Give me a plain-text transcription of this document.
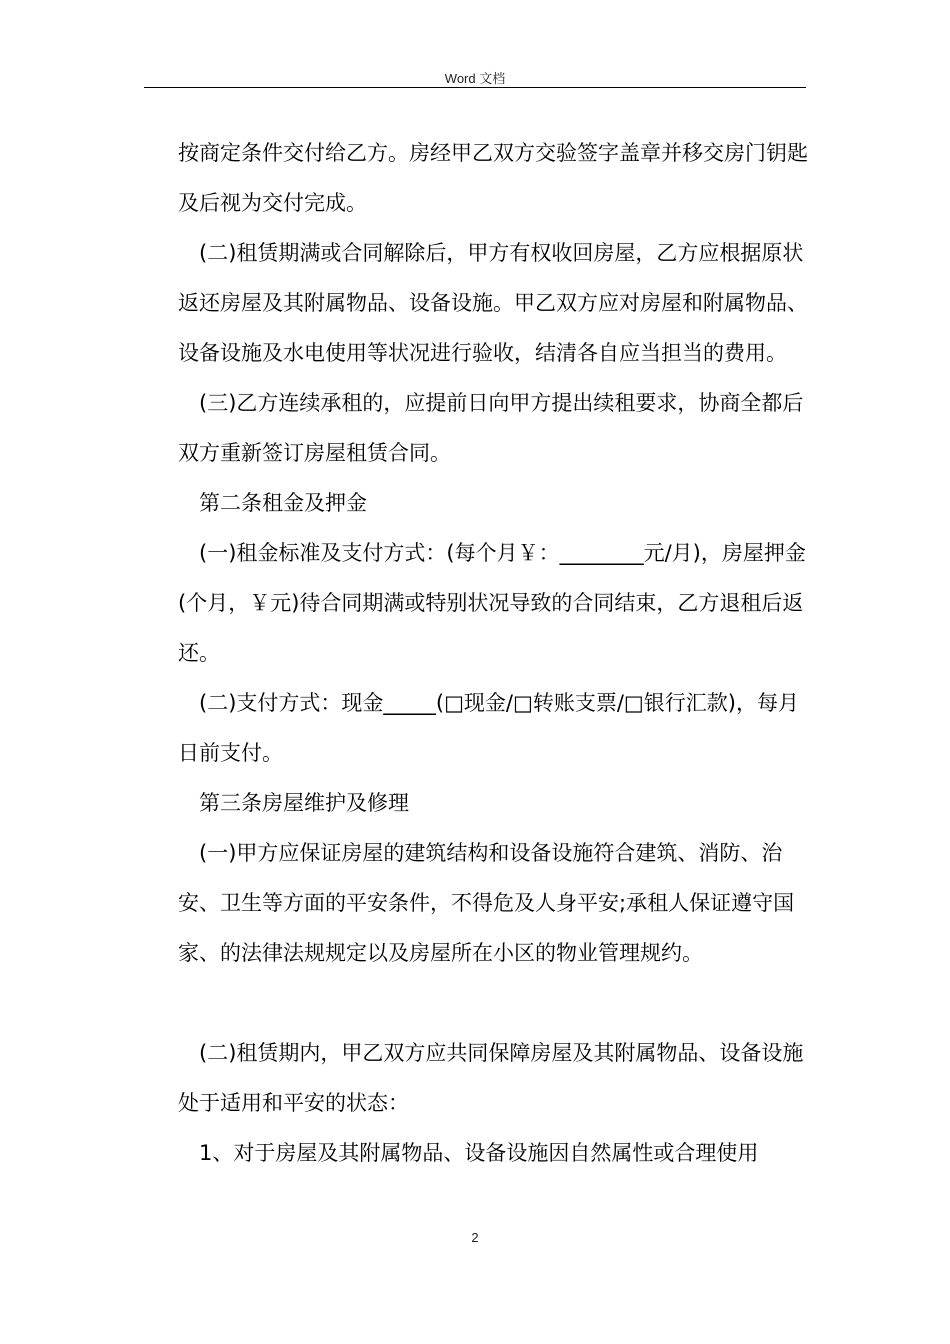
Word 文档

按商定条件交付给乙方。房经甲乙双方交验签字盖章并移交房门钥匙及后视为交付完成。

(二)租赁期满或合同解除后，甲方有权收回房屋，乙方应根据原状返还房屋及其附属物品、设备设施。甲乙双方应对房屋和附属物品、设备设施及水电使用等状况进行验收，结清各自应当担当的费用。

(三)乙方连续承租的，应提前日向甲方提出续租要求，协商全都后双方重新签订房屋租赁合同。

第二条租金及押金

(一)租金标准及支付方式：(每个月￥：________元/月)，房屋押金(个月，￥元)待合同期满或特别状况导致的合同结束，乙方退租后返还。

(二)支付方式：现金_____(□现金/□转账支票/□银行汇款)，每月日前支付。

第三条房屋维护及修理

(一)甲方应保证房屋的建筑结构和设备设施符合建筑、消防、治安、卫生等方面的平安条件，不得危及人身平安;承租人保证遵守国家、的法律法规规定以及房屋所在小区的物业管理规约。

(二)租赁期内，甲乙双方应共同保障房屋及其附属物品、设备设施处于适用和平安的状态：

1、对于房屋及其附属物品、设备设施因自然属性或合理使用

2
